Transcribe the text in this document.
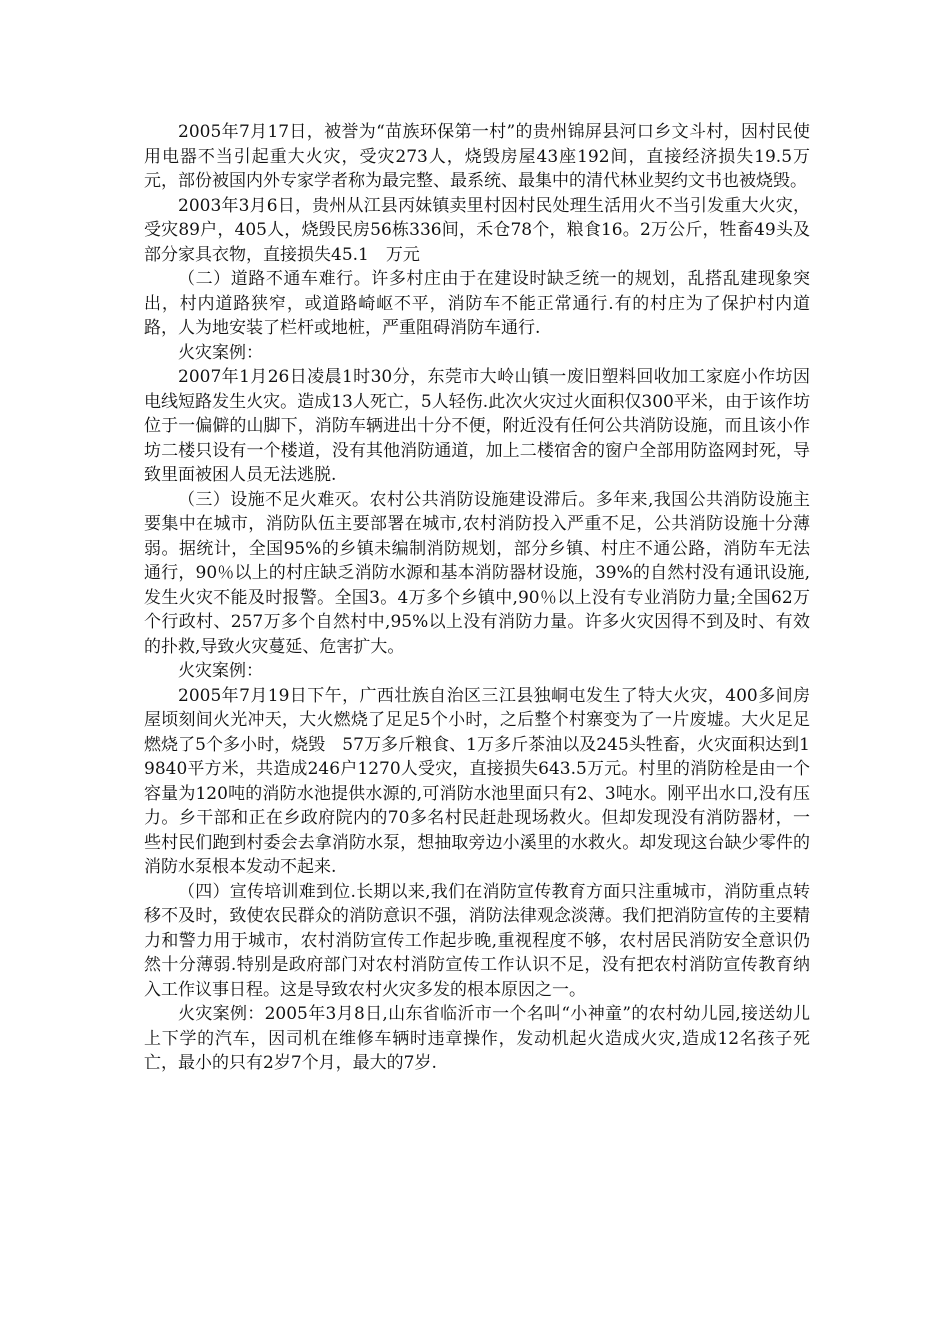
2005年7月17日，被誉为“苗族环保第一村”的贵州锦屏县河口乡文斗村，因村民使用电器不当引起重大火灾，受灾273人，烧毁房屋43座192间，直接经济损失19.5万元，部份被国内外专家学者称为最完整、最系统、最集中的清代林业契约文书也被烧毁。

2003年3月6日，贵州从江县丙妹镇卖里村因村民处理生活用火不当引发重大火灾，受灾89户，405人，烧毁民房56栋336间，禾仓78个，粮食16。2万公斤，牲畜49头及部分家具衣物，直接损失45.1　万元

（二）道路不通车难行。许多村庄由于在建设时缺乏统一的规划，乱搭乱建现象突出，村内道路狭窄，或道路崎岖不平，消防车不能正常通行.有的村庄为了保护村内道路，人为地安装了栏杆或地桩，严重阻碍消防车通行.

火灾案例：

2007年1月26日凌晨1时30分，东莞市大岭山镇一废旧塑料回收加工家庭小作坊因电线短路发生火灾。造成13人死亡，5人轻伤.此次火灾过火面积仅300平米，由于该作坊位于一偏僻的山脚下，消防车辆进出十分不便，附近没有任何公共消防设施，而且该小作坊二楼只设有一个楼道，没有其他消防通道，加上二楼宿舍的窗户全部用防盗网封死，导致里面被困人员无法逃脱.

（三）设施不足火难灭。农村公共消防设施建设滞后。多年来,我国公共消防设施主要集中在城市，消防队伍主要部署在城市,农村消防投入严重不足，公共消防设施十分薄弱。据统计，全国95%的乡镇未编制消防规划，部分乡镇、村庄不通公路，消防车无法通行，90％以上的村庄缺乏消防水源和基本消防器材设施，39%的自然村没有通讯设施,发生火灾不能及时报警。全国3。4万多个乡镇中,90％以上没有专业消防力量;全国62万个行政村、257万多个自然村中,95%以上没有消防力量。许多火灾因得不到及时、有效的扑救,导致火灾蔓延、危害扩大。

火灾案例：

2005年7月19日下午，广西壮族自治区三江县独峒屯发生了特大火灾，400多间房屋顷刻间火光冲天，大火燃烧了足足5个小时，之后整个村寨变为了一片废墟。大火足足燃烧了5个多小时，烧毁　57万多斤粮食、1万多斤茶油以及245头牲畜，火灾面积达到19840平方米，共造成246户1270人受灾，直接损失643.5万元。村里的消防栓是由一个容量为120吨的消防水池提供水源的,可消防水池里面只有2、3吨水。刚平出水口,没有压力。乡干部和正在乡政府院内的70多名村民赶赴现场救火。但却发现没有消防器材，一些村民们跑到村委会去拿消防水泵，想抽取旁边小溪里的水救火。却发现这台缺少零件的消防水泵根本发动不起来.

（四）宣传培训难到位.长期以来,我们在消防宣传教育方面只注重城市，消防重点转移不及时，致使农民群众的消防意识不强，消防法律观念淡薄。我们把消防宣传的主要精力和警力用于城市，农村消防宣传工作起步晚,重视程度不够，农村居民消防安全意识仍然十分薄弱.特别是政府部门对农村消防宣传工作认识不足，没有把农村消防宣传教育纳入工作议事日程。这是导致农村火灾多发的根本原因之一。

火灾案例：2005年3月8日,山东省临沂市一个名叫“小神童”的农村幼儿园,接送幼儿上下学的汽车，因司机在维修车辆时违章操作，发动机起火造成火灾,造成12名孩子死亡，最小的只有2岁7个月，最大的7岁.
